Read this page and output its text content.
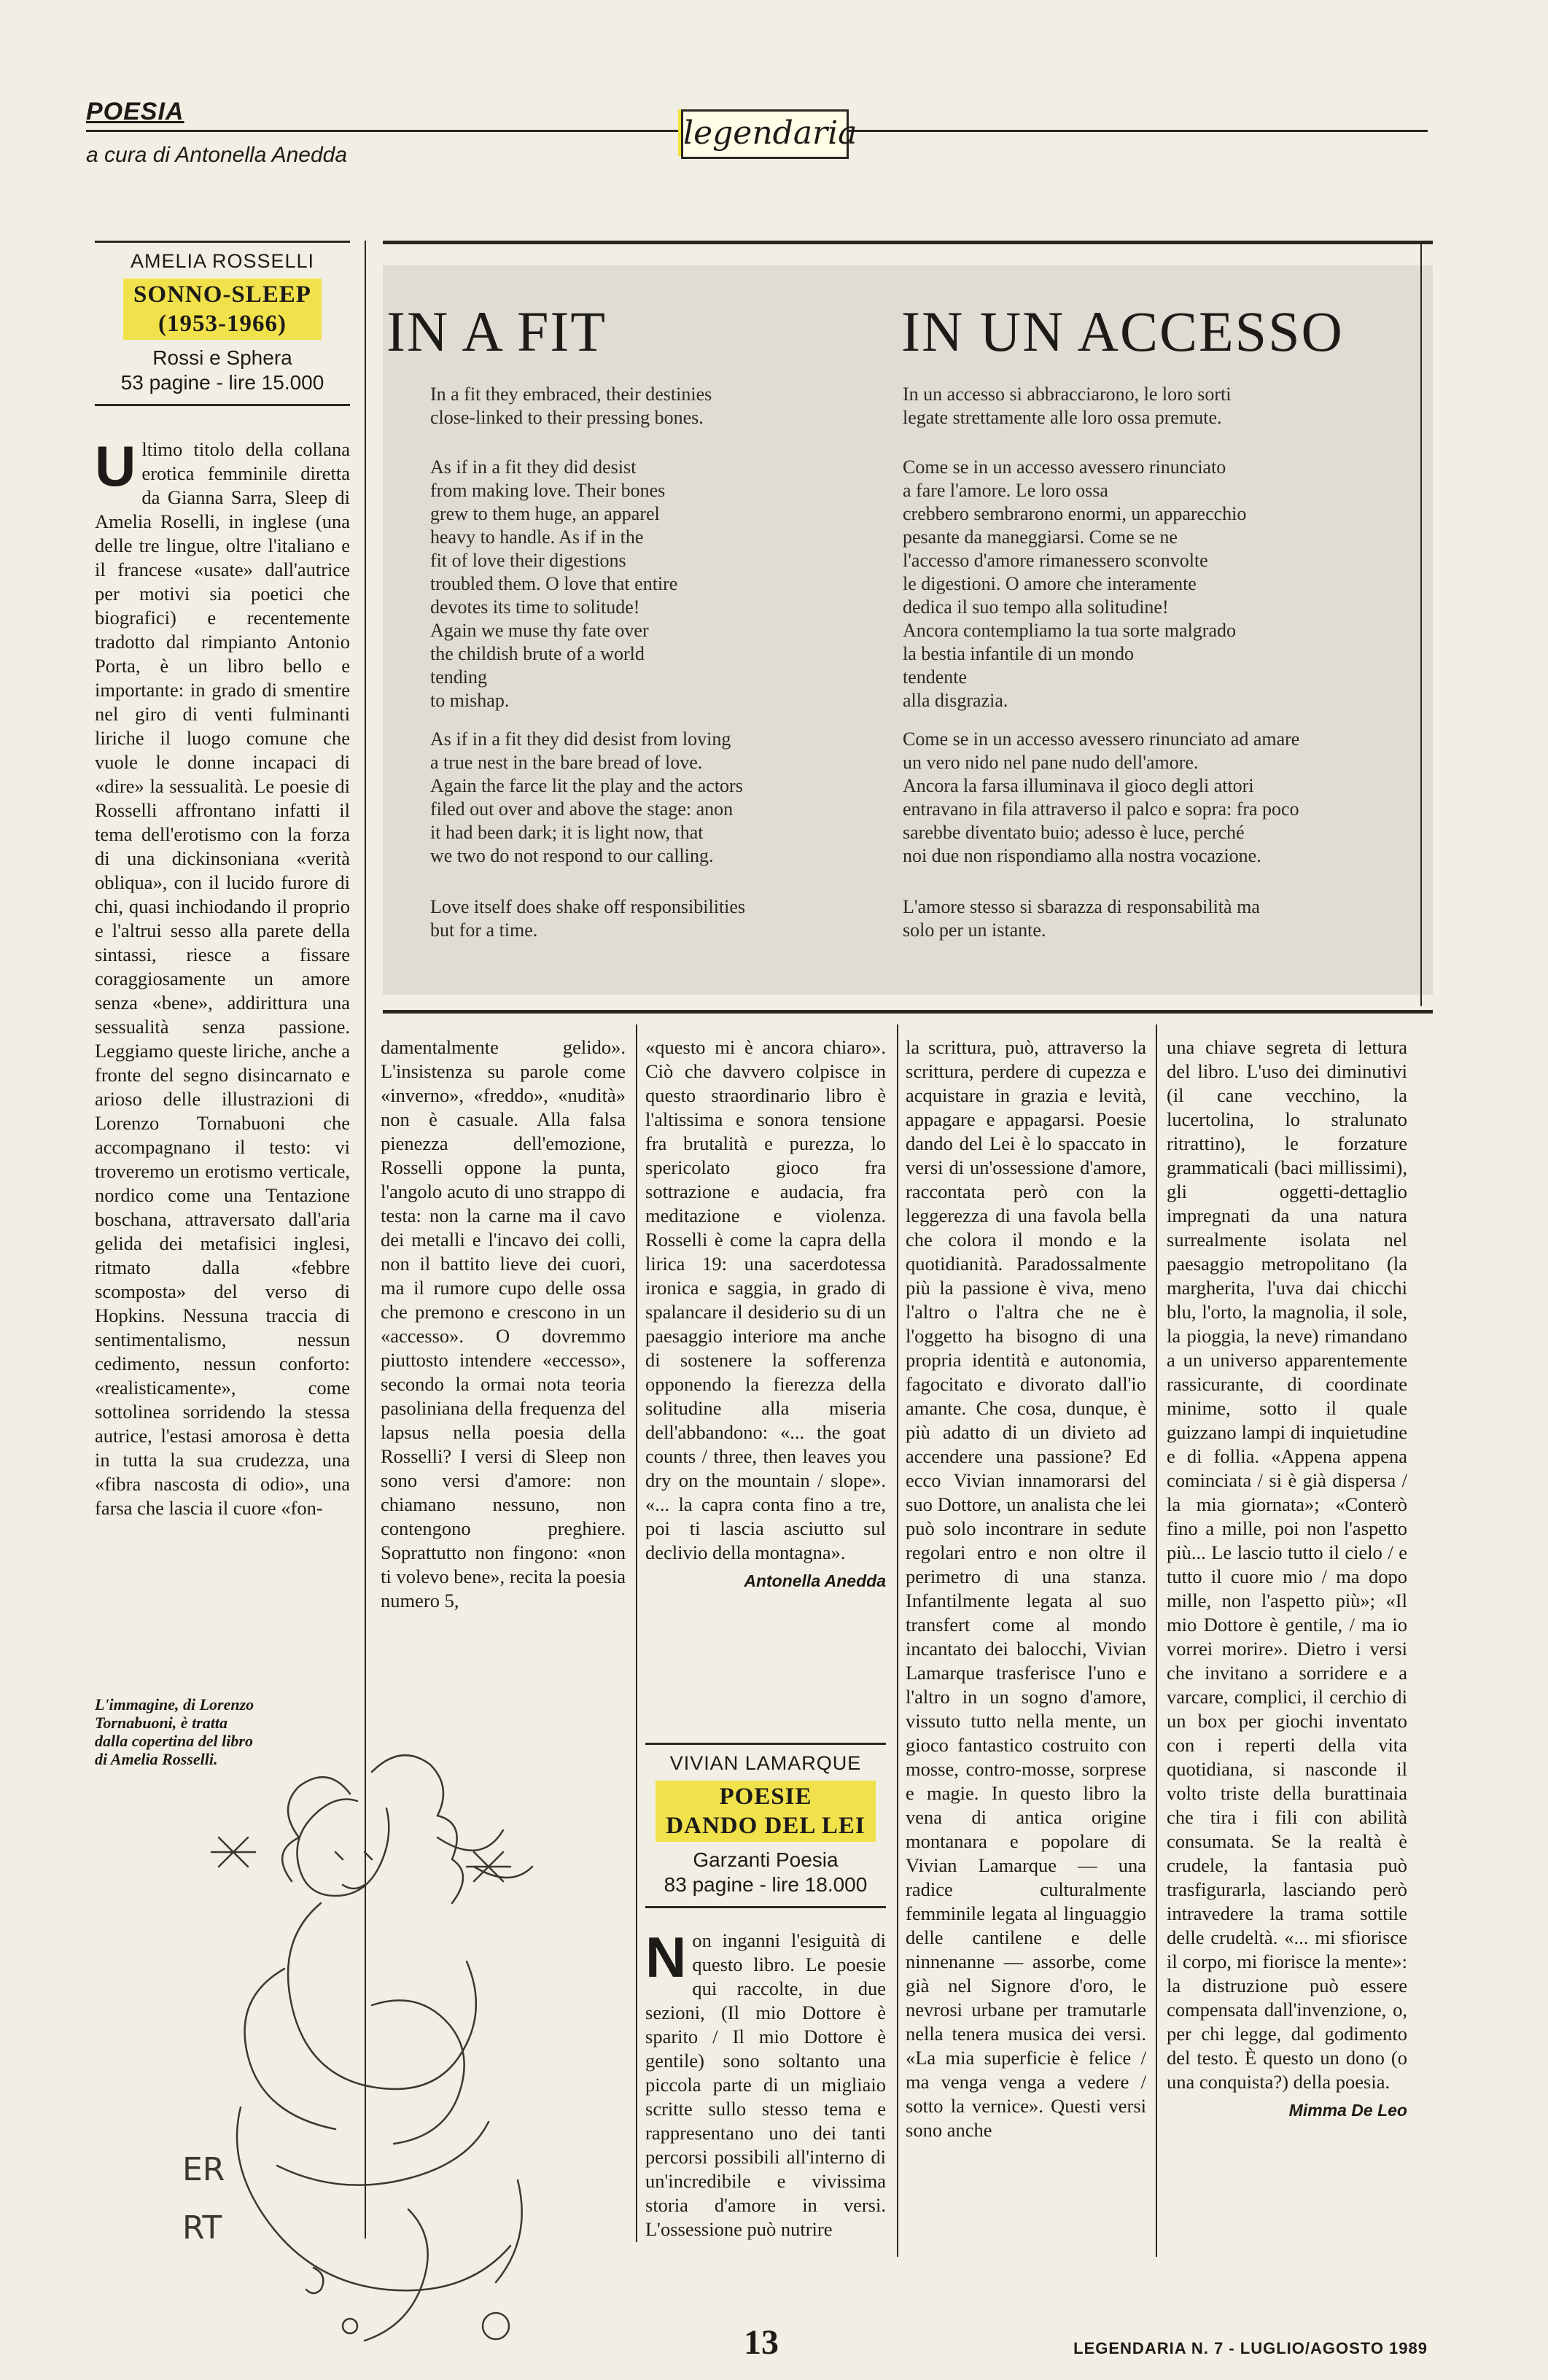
POESIA
a cura di Antonella Anedda
legendaria
AMELIA ROSSELLI
SONNO-SLEEP
(1953-1966)
Rossi e Sphera
53 pagine - lire 15.000
IN A FIT	IN UN ACCESSO
In a fit they embraced, their destinies
close-linked to their pressing bones.
As if in a fit they did desist
from making love. Their bones
grew to them huge, an apparel
heavy to handle. As if in the
fit of love their digestions
troubled them. O love that entire
devotes its time to solitude!
Again we muse thy fate over
the childish brute of a world
tending
to mishap.
As if in a fit they did desist from loving
a true nest in the bare bread of love.
Again the farce lit the play and the actors
filed out over and above the stage: anon
it had been dark; it is light now, that
we two do not respond to our calling.
Love itself does shake off responsibilities
but for a time.
In un accesso si abbracciarono, le loro sorti
legate strettamente alle loro ossa premute.
Come se in un accesso avessero rinunciato
a fare l'amore. Le loro ossa
crebbero sembrarono enormi, un apparecchio
pesante da maneggiarsi. Come se ne
l'accesso d'amore rimanessero sconvolte
le digestioni. O amore che interamente
dedica il suo tempo alla solitudine!
Ancora contempliamo la tua sorte malgrado
la bestia infantile di un mondo
tendente
alla disgrazia.
Come se in un accesso avessero rinunciato ad amare
un vero nido nel pane nudo dell'amore.
Ancora la farsa illuminava il gioco degli attori
entravano in fila attraverso il palco e sopra: fra poco
sarebbe diventato buio; adesso è luce, perché
noi due non rispondiamo alla nostra vocazione.
L'amore stesso si sbarazza di responsabilità ma
solo per un istante.
U ltimo titolo della collana erotica femminile diretta da Gianna Sarra, Sleep di Amelia Roselli, in inglese (una delle tre lingue, oltre l'italiano e il francese «usate» dall'autrice per motivi sia poetici che biografici) e recentemente tradotto dal rimpianto Antonio Porta, è un libro bello e importante: in grado di smentire nel giro di venti fulminanti liriche il luogo comune che vuole le donne incapaci di «dire» la sessualità. Le poesie di Rosselli affrontano infatti il tema dell'erotismo con la forza di una dickinsoniana «verità obliqua», con il lucido furore di chi, quasi inchiodando il proprio e l'altrui sesso alla parete della sintassi, riesce a fissare coraggiosamente un amore senza «bene», addirittura una sessualità senza passione. Leggiamo queste liriche, anche a fronte del segno disincarnato e arioso delle illustrazioni di Lorenzo Tornabuoni che accompagnano il testo: vi troveremo un erotismo verticale, nordico come una Tentazione boschana, attraversato dall'aria gelida dei metafisici inglesi, ritmato dalla «febbre scomposta» del verso di Hopkins. Nessuna traccia di sentimentalismo, nessun cedimento, nessun conforto: «realisticamente», come sottolinea sorridendo la stessa autrice, l'estasi amorosa è detta in tutta la sua crudezza, una «fibra nascosta di odio», una farsa che lascia il cuore «fon-
damentalmente gelido». L'insistenza su parole come «inverno», «freddo», «nudità» non è casuale. Alla falsa pienezza dell'emozione, Rosselli oppone la punta, l'angolo acuto di uno strappo di testa: non la carne ma il cavo dei metalli e l'incavo dei colli, non il battito lieve dei cuori, ma il rumore cupo delle ossa che premono e crescono in un «accesso». O dovremmo piuttosto intendere «eccesso», secondo la ormai nota teoria pasoliniana della frequenza del lapsus nella poesia della Rosselli? I versi di Sleep non sono versi d'amore: non chiamano nessuno, non contengono preghiere. Soprattutto non fingono: «non ti volevo bene», recita la poesia numero 5,
«questo mi è ancora chiaro». Ciò che davvero colpisce in questo straordinario libro è l'altissima e sonora tensione fra brutalità e purezza, lo spericolato gioco fra sottrazione e audacia, fra meditazione e violenza. Rosselli è come la capra della lirica 19: una sacerdotessa ironica e saggia, in grado di spalancare il desiderio su di un paesaggio interiore ma anche di sostenere la sofferenza opponendo la fierezza della solitudine alla miseria dell'abbandono: «... the goat counts / three, then leaves you dry on the mountain / slope». «... la capra conta fino a tre, poi ti lascia asciutto sul declivio della montagna».
Antonella Anedda
L'immagine, di Lorenzo Tornabuoni, è tratta dalla copertina del libro di Amelia Rosselli.
ER
RT
VIVIAN LAMARQUE
POESIE
DANDO DEL LEI
Garzanti Poesia
83 pagine - lire 18.000
N on inganni l'esiguità di questo libro. Le poesie qui raccolte, in due sezioni, (Il mio Dottore è sparito / Il mio Dottore è gentile) sono soltanto una piccola parte di un migliaio scritte sullo stesso tema e rappresentano uno dei tanti percorsi possibili all'interno di un'incredibile e vivissima storia d'amore in versi. L'ossessione può nutrire
la scrittura, può, attraverso la scrittura, perdere di cupezza e acquistare in grazia e levità, appagare e appagarsi. Poesie dando del Lei è lo spaccato in versi di un'ossessione d'amore, raccontata però con la leggerezza di una favola bella che colora il mondo e la quotidianità. Paradossalmente più la passione è viva, meno l'altro o l'altra che ne è l'oggetto ha bisogno di una propria identità e autonomia, fagocitato e divorato dall'io amante. Che cosa, dunque, è più adatto di un divieto ad accendere una passione? Ed ecco Vivian innamorarsi del suo Dottore, un analista che lei può solo incontrare in sedute regolari entro e non oltre il perimetro di una stanza. Infantilmente legata al suo transfert come al mondo incantato dei balocchi, Vivian Lamarque trasferisce l'uno e l'altro in un sogno d'amore, vissuto tutto nella mente, un gioco fantastico costruito con mosse, contro-mosse, sorprese e magie. In questo libro la vena di antica origine montanara e popolare di Vivian Lamarque — una radice culturalmente femminile legata al linguaggio delle cantilene e delle ninnenanne — assorbe, come già nel Signore d'oro, le nevrosi urbane per tramutarle nella tenera musica dei versi. «La mia superficie è felice / ma venga venga a vedere / sotto la vernice». Questi versi sono anche
una chiave segreta di lettura del libro. L'uso dei diminutivi (il cane vecchino, la lucertolina, lo stralunato ritrattino), le forzature grammaticali (baci millissimi), gli oggetti-dettaglio impregnati da una natura surrealmente isolata nel paesaggio metropolitano (la margherita, l'uva dai chicchi blu, l'orto, la magnolia, il sole, la pioggia, la neve) rimandano a un universo apparentemente rassicurante, di coordinate minime, sotto il quale guizzano lampi di inquietudine e di follia. «Appena appena cominciata / si è già dispersa / la mia giornata»; «Conterò fino a mille, poi non l'aspetto più... Le lascio tutto il cielo / e tutto il cuore mio / ma dopo mille, non l'aspetto più»; «Il mio Dottore è gentile, / ma io vorrei morire». Dietro i versi che invitano a sorridere e a varcare, complici, il cerchio di un box per giochi inventato con i reperti della vita quotidiana, si nasconde il volto triste della burattinaia che tira i fili con abilità consumata. Se la realtà è crudele, la fantasia può trasfigurarla, lasciando però intravedere la trama sottile delle crudeltà. «... mi sfiorisce il corpo, mi fiorisce la mente»: la distruzione può essere compensata dall'invenzione, o, per chi legge, dal godimento del testo. È questo un dono (o una conquista?) della poesia.
Mimma De Leo
13	LEGENDARIA N. 7 - LUGLIO/AGOSTO 1989
